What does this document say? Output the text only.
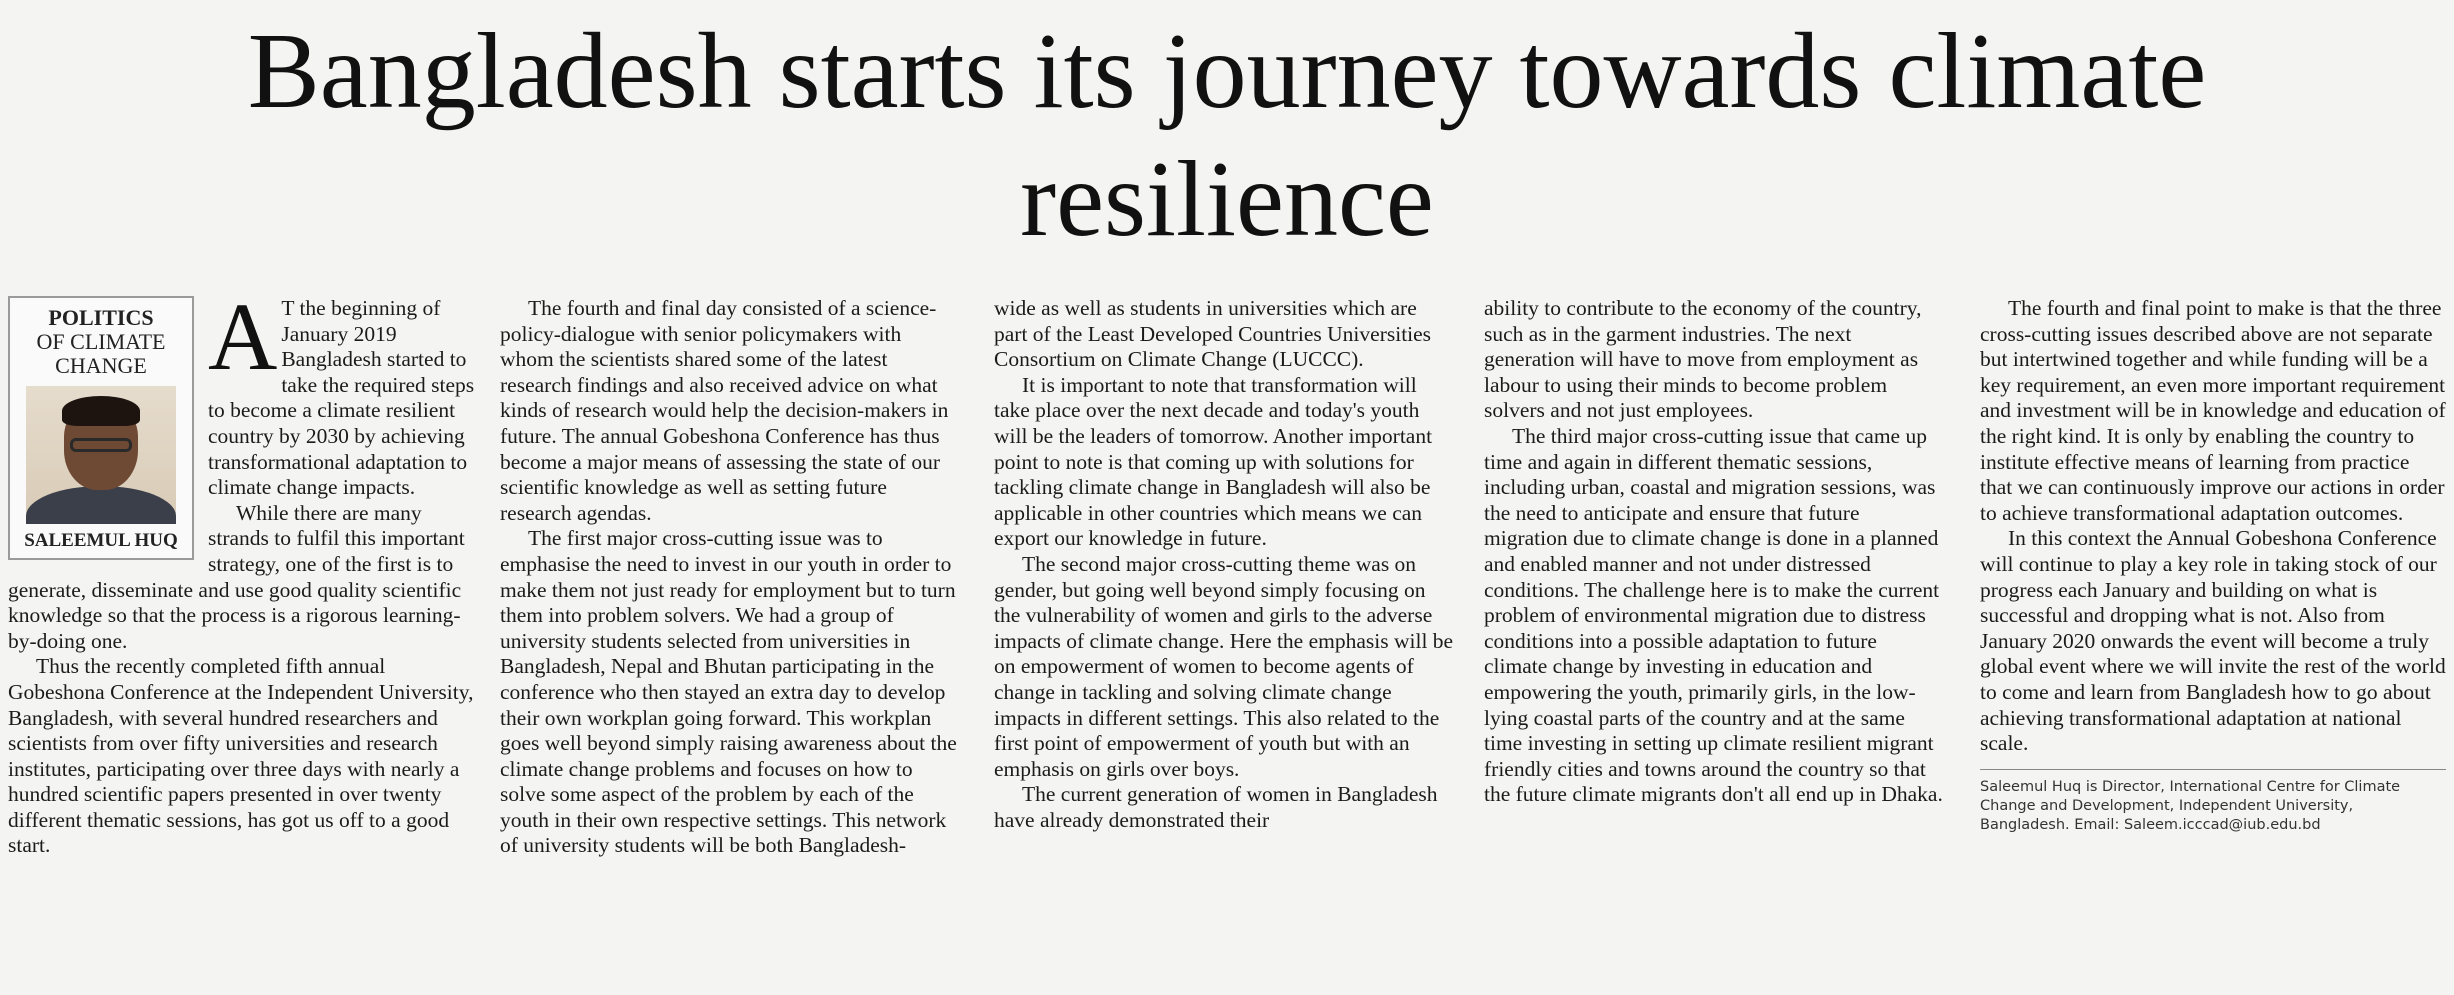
Bangladesh starts its journey towards climate resilience
POLITICS
OF CLIMATE CHANGE
SALEEMUL HUQ

A T the beginning of January 2019 Bangladesh started to take the required steps to become a climate resilient country by 2030 by achieving transformational adaptation to climate change impacts.

While there are many strands to fulfil this important strategy, one of the first is to generate, disseminate and use good quality scientific knowledge so that the process is a rigorous learning-by-doing one.

Thus the recently completed fifth annual Gobeshona Conference at the Independent University, Bangladesh, with several hundred researchers and scientists from over fifty universities and research institutes, participating over three days with nearly a hundred scientific papers presented in over twenty different thematic sessions, has got us off to a good start.

The fourth and final day consisted of a science-policy-dialogue with senior policymakers with whom the scientists shared some of the latest research findings and also received advice on what kinds of research would help the decision-makers in future. The annual Gobeshona Conference has thus become a major means of assessing the state of our scientific knowledge as well as setting future research agendas.

The first major cross-cutting issue was to emphasise the need to invest in our youth in order to make them not just ready for employment but to turn them into problem solvers. We had a group of university students selected from universities in Bangladesh, Nepal and Bhutan participating in the conference who then stayed an extra day to develop their own workplan going forward. This workplan goes well beyond simply raising awareness about the climate change problems and focuses on how to solve some aspect of the problem by each of the youth in their own respective settings. This network of university students will be both Bangladesh-

wide as well as students in universities which are part of the Least Developed Countries Universities Consortium on Climate Change (LUCCC).

It is important to note that transformation will take place over the next decade and today's youth will be the leaders of tomorrow. Another important point to note is that coming up with solutions for tackling climate change in Bangladesh will also be applicable in other countries which means we can export our knowledge in future.

The second major cross-cutting theme was on gender, but going well beyond simply focusing on the vulnerability of women and girls to the adverse impacts of climate change. Here the emphasis will be on empowerment of women to become agents of change in tackling and solving climate change impacts in different settings. This also related to the first point of empowerment of youth but with an emphasis on girls over boys.

The current generation of women in Bangladesh have already demonstrated their

ability to contribute to the economy of the country, such as in the garment industries. The next generation will have to move from employment as labour to using their minds to become problem solvers and not just employees.

The third major cross-cutting issue that came up time and again in different thematic sessions, including urban, coastal and migration sessions, was the need to anticipate and ensure that future migration due to climate change is done in a planned and enabled manner and not under distressed conditions. The challenge here is to make the current problem of environmental migration due to distress conditions into a possible adaptation to future climate change by investing in education and empowering the youth, primarily girls, in the low-lying coastal parts of the country and at the same time investing in setting up climate resilient migrant friendly cities and towns around the country so that the future climate migrants don't all end up in Dhaka.

The fourth and final point to make is that the three cross-cutting issues described above are not separate but intertwined together and while funding will be a key requirement, an even more important requirement and investment will be in knowledge and education of the right kind. It is only by enabling the country to institute effective means of learning from practice that we can continuously improve our actions in order to achieve transformational adaptation outcomes.

In this context the Annual Gobeshona Conference will continue to play a key role in taking stock of our progress each January and building on what is successful and dropping what is not. Also from January 2020 onwards the event will become a truly global event where we will invite the rest of the world to come and learn from Bangladesh how to go about achieving transformational adaptation at national scale.

Saleemul Huq is Director, International Centre for Climate Change and Development, Independent University, Bangladesh. Email: Saleem.icccad@iub.edu.bd
